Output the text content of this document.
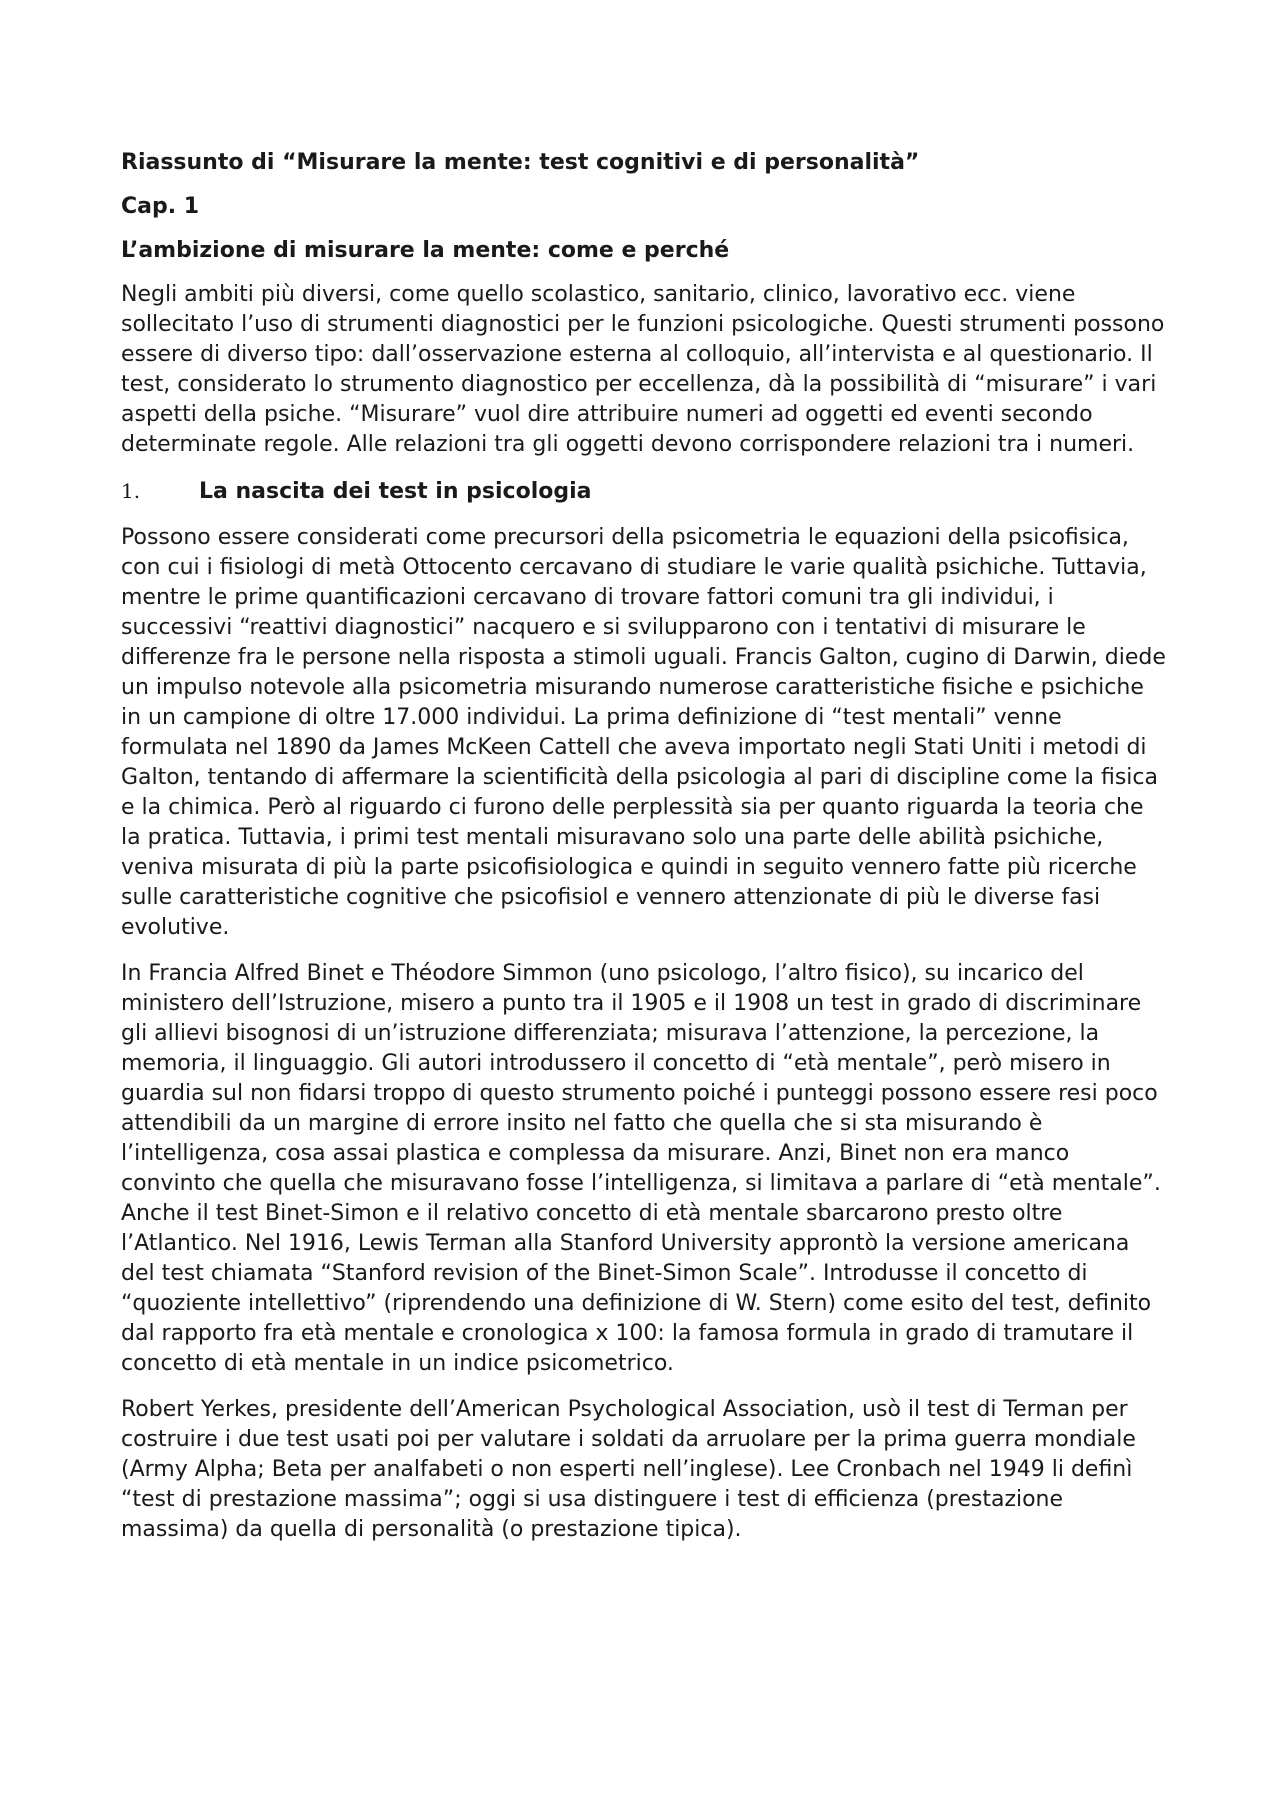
Riassunto di “Misurare la mente: test cognitivi e di personalità”
Cap. 1
L’ambizione di misurare la mente: come e perché

Negli ambiti più diversi, come quello scolastico, sanitario, clinico, lavorativo ecc. viene sollecitato l’uso di strumenti diagnostici per le funzioni psicologiche. Questi strumenti possono essere di diverso tipo: dall’osservazione esterna al colloquio, all’intervista e al questionario. Il test, considerato lo strumento diagnostico per eccellenza, dà la possibilità di “misurare” i vari aspetti della psiche. “Misurare” vuol dire attribuire numeri ad oggetti ed eventi secondo determinate regole. Alle relazioni tra gli oggetti devono corrispondere relazioni tra i numeri.

1.	La nascita dei test in psicologia

Possono essere considerati come precursori della psicometria le equazioni della psicofisica, con cui i fisiologi di metà Ottocento cercavano di studiare le varie qualità psichiche. Tuttavia, mentre le prime quantificazioni cercavano di trovare fattori comuni tra gli individui, i successivi “reattivi diagnostici” nacquero e si svilupparono con i tentativi di misurare le differenze fra le persone nella risposta a stimoli uguali. Francis Galton, cugino di Darwin, diede un impulso notevole alla psicometria misurando numerose caratteristiche fisiche e psichiche in un campione di oltre 17.000 individui. La prima definizione di “test mentali” venne formulata nel 1890 da James McKeen Cattell che aveva importato negli Stati Uniti i metodi di Galton, tentando di affermare la scientificità della psicologia al pari di discipline come la fisica e la chimica. Però al riguardo ci furono delle perplessità sia per quanto riguarda la teoria che la pratica. Tuttavia, i primi test mentali misuravano solo una parte delle abilità psichiche, veniva misurata di più la parte psicofisiologica e quindi in seguito vennero fatte più ricerche sulle caratteristiche cognitive che psicofisiol e vennero attenzionate di più le diverse fasi evolutive.

In Francia Alfred Binet e Théodore Simmon (uno psicologo, l’altro fisico), su incarico del ministero dell’Istruzione, misero a punto tra il 1905 e il 1908 un test in grado di discriminare gli allievi bisognosi di un’istruzione differenziata; misurava l’attenzione, la percezione, la memoria, il linguaggio. Gli autori introdussero il concetto di “età mentale”, però misero in guardia sul non fidarsi troppo di questo strumento poiché i punteggi possono essere resi poco attendibili da un margine di errore insito nel fatto che quella che si sta misurando è l’intelligenza, cosa assai plastica e complessa da misurare. Anzi, Binet non era manco convinto che quella che misuravano fosse l’intelligenza, si limitava a parlare di “età mentale”. Anche il test Binet-Simon e il relativo concetto di età mentale sbarcarono presto oltre l’Atlantico. Nel 1916, Lewis Terman alla Stanford University approntò la versione americana del test chiamata “Stanford revision of the Binet-Simon Scale”. Introdusse il concetto di “quoziente intellettivo” (riprendendo una definizione di W. Stern) come esito del test, definito dal rapporto fra età mentale e cronologica x 100: la famosa formula in grado di tramutare il concetto di età mentale in un indice psicometrico.

Robert Yerkes, presidente dell’American Psychological Association, usò il test di Terman per costruire i due test usati poi per valutare i soldati da arruolare per la prima guerra mondiale (Army Alpha; Beta per analfabeti o non esperti nell’inglese). Lee Cronbach nel 1949 li definì “test di prestazione massima”; oggi si usa distinguere i test di efficienza (prestazione massima) da quella di personalità (o prestazione tipica).
